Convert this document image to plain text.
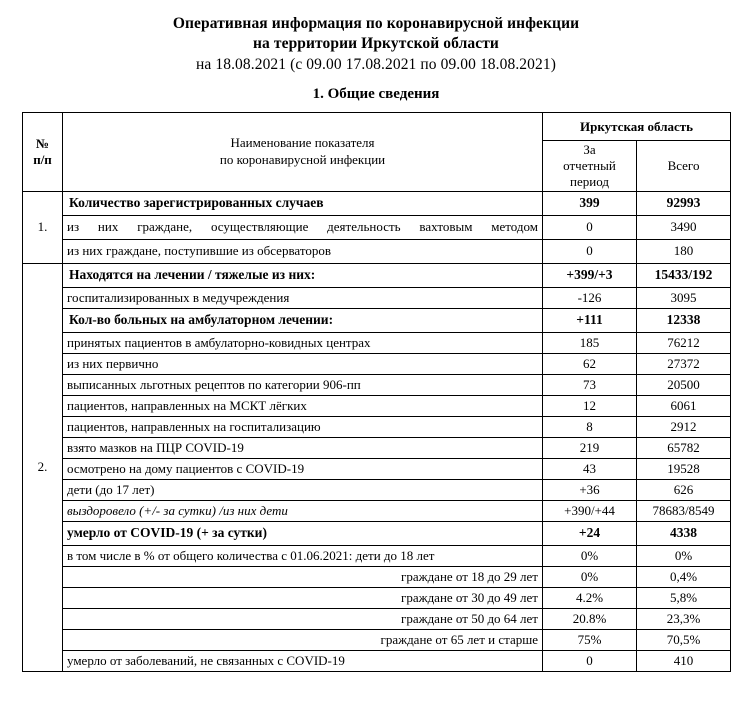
Оперативная информация по коронавирусной инфекции
на территории Иркутской области
на 18.08.2021 (с 09.00 17.08.2021 по 09.00 18.08.2021)
1. Общие сведения
№
п/п

Наименование показателя
по коронавирусной инфекции
	Иркутская область

		За
отчетный
период	Всего
1.	Количество зарегистрированных случаев	399	92993
	из них граждане, осуществляющие деятельность вахтовым методом	0	3490
	из них граждане, поступившие из обсерваторов	0	180
2.	Находятся на лечении / тяжелые из них:	+399/+3	15433/192
	госпитализированных в медучреждения	-126	3095
	Кол-во больных на амбулаторном лечении:	+111	12338
	принятых пациентов в амбулаторно-ковидных центрах	185	76212
	из них первично	62	27372
	выписанных льготных рецептов по категории 906-пп	73	20500
	пациентов, направленных на МСКТ лёгких	12	6061
	пациентов, направленных на госпитализацию	8	2912
	взято мазков на ПЦР COVID-19	219	65782
	осмотрено на дому пациентов с COVID-19	43	19528
	дети (до 17 лет)	+36	626
	выздоровело (+/- за сутки) /из них дети	+390/+44	78683/8549
	умерло от COVID-19 (+ за сутки)	+24	4338
	в том числе в % от общего количества с 01.06.2021: дети до 18 лет	0%	0%
	граждане от 18 до 29 лет	0%	0,4%
	граждане от 30 до 49 лет	4.2%	5,8%
	граждане от 50 до 64 лет	20.8%	23,3%
	граждане от 65 лет и старше	75%	70,5%
	умерло от заболеваний, не связанных с COVID-19	0	410
